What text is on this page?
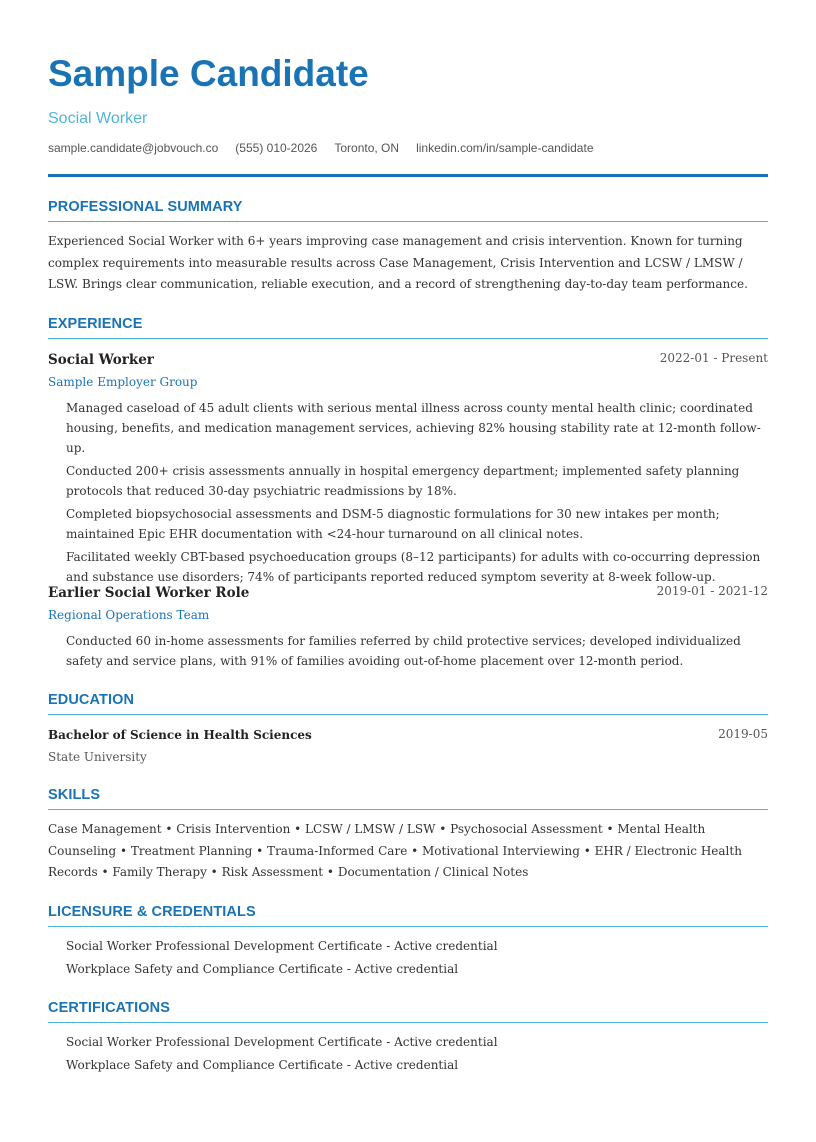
Sample Candidate
Social Worker
sample.candidate@jobvouch.co (555) 010-2026 Toronto, ON linkedin.com/in/sample-candidate
PROFESSIONAL SUMMARY
Experienced Social Worker with 6+ years improving case management and crisis intervention. Known for turning complex requirements into measurable results across Case Management, Crisis Intervention and LCSW / LMSW / LSW. Brings clear communication, reliable execution, and a record of strengthening day-to-day team performance.
EXPERIENCE
Social Worker	2022-01 - Present
Sample Employer Group
Managed caseload of 45 adult clients with serious mental illness across county mental health clinic; coordinated housing, benefits, and medication management services, achieving 82% housing stability rate at 12-month follow-up.
Conducted 200+ crisis assessments annually in hospital emergency department; implemented safety planning protocols that reduced 30-day psychiatric readmissions by 18%.
Completed biopsychosocial assessments and DSM-5 diagnostic formulations for 30 new intakes per month; maintained Epic EHR documentation with <24-hour turnaround on all clinical notes.
Facilitated weekly CBT-based psychoeducation groups (8–12 participants) for adults with co-occurring depression and substance use disorders; 74% of participants reported reduced symptom severity at 8-week follow-up.
Earlier Social Worker Role	2019-01 - 2021-12
Regional Operations Team
Conducted 60 in-home assessments for families referred by child protective services; developed individualized safety and service plans, with 91% of families avoiding out-of-home placement over 12-month period.
EDUCATION
Bachelor of Science in Health Sciences	2019-05
State University
SKILLS
Case Management • Crisis Intervention • LCSW / LMSW / LSW • Psychosocial Assessment • Mental Health Counseling • Treatment Planning • Trauma-Informed Care • Motivational Interviewing • EHR / Electronic Health Records • Family Therapy • Risk Assessment • Documentation / Clinical Notes
LICENSURE & CREDENTIALS
Social Worker Professional Development Certificate - Active credential
Workplace Safety and Compliance Certificate - Active credential
CERTIFICATIONS
Social Worker Professional Development Certificate - Active credential
Workplace Safety and Compliance Certificate - Active credential
